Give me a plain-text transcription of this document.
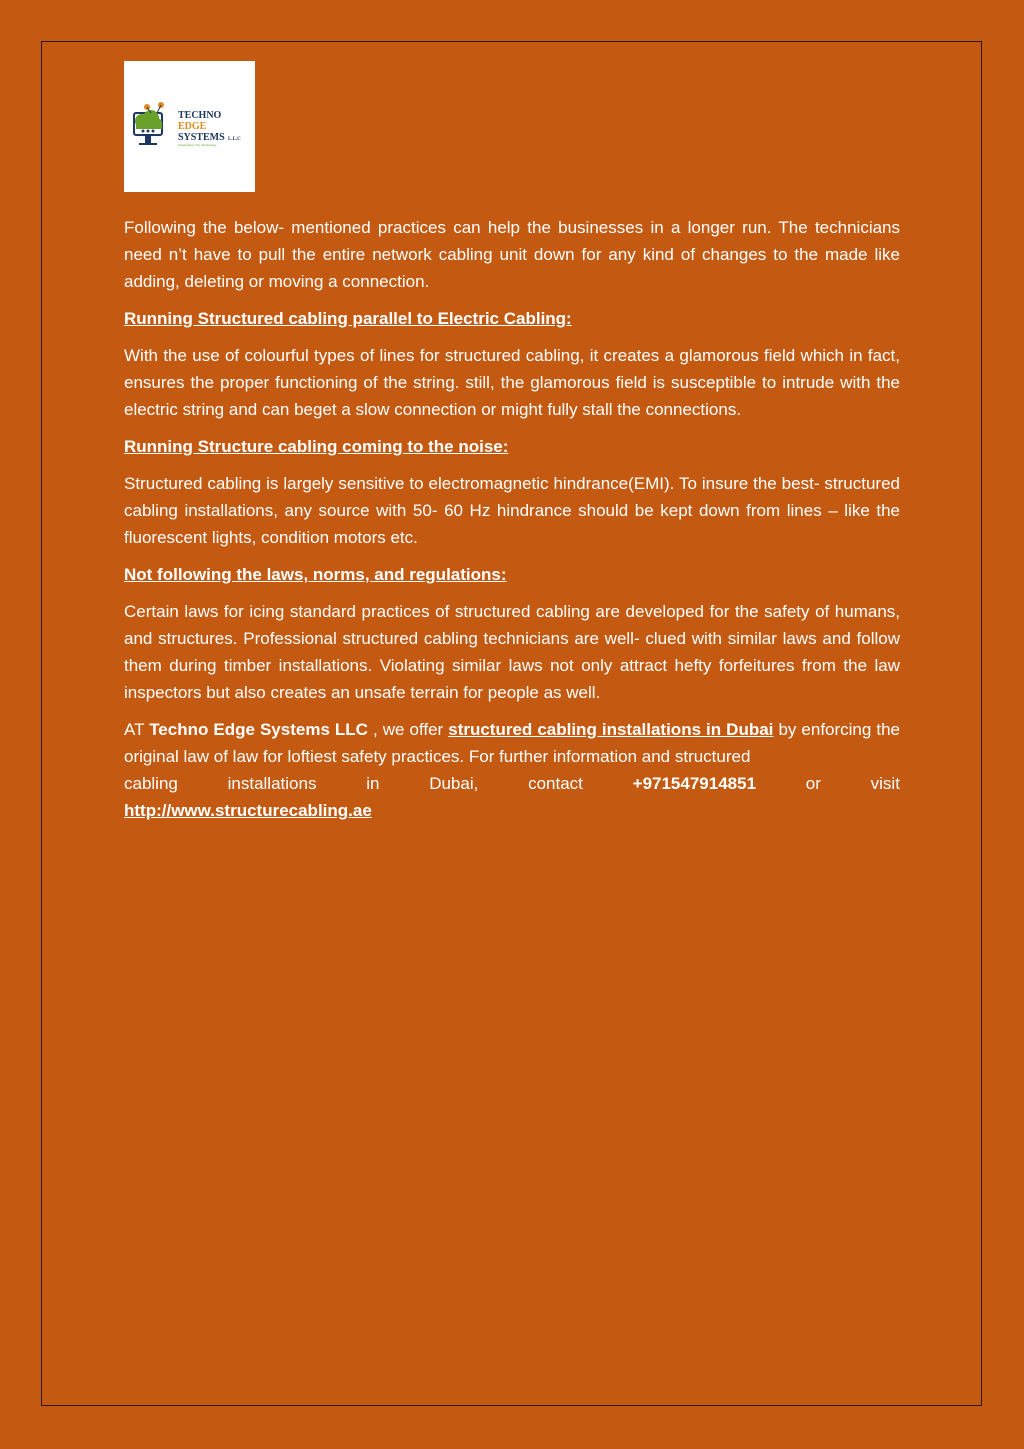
TECHNO
EDGE
SYSTEMS L.L.C
Accelerating The Technology

Following the below- mentioned practices can help the businesses in a longer run. The technicians need n’t have to pull the entire network cabling unit down for any kind of changes to the made like adding, deleting or moving a connection.

Running Structured cabling parallel to Electric Cabling:

With the use of colourful types of lines for structured cabling, it creates a glamorous field which in fact, ensures the proper functioning of the string. still, the glamorous field is susceptible to intrude with the electric string and can beget a slow connection or might fully stall the connections.

Running Structure cabling coming to the noise:

Structured cabling is largely sensitive to electromagnetic hindrance(EMI). To insure the best- structured cabling installations, any source with 50- 60 Hz hindrance should be kept down from lines – like the fluorescent lights, condition motors etc.

Not following the laws, norms, and regulations:

Certain laws for icing standard practices of structured cabling are developed for the safety of humans, and structures. Professional structured cabling technicians are well- clued with similar laws and follow them during timber installations. Violating similar laws not only attract hefty forfeitures from the law inspectors but also creates an unsafe terrain for people as well.

AT Techno Edge Systems LLC , we offer structured cabling installations in Dubai by enforcing the original law of law for loftiest safety practices. For further information and structured
cabling	installations	in	Dubai,	contact	+971547914851	or	visit
http://www.structurecabling.ae
